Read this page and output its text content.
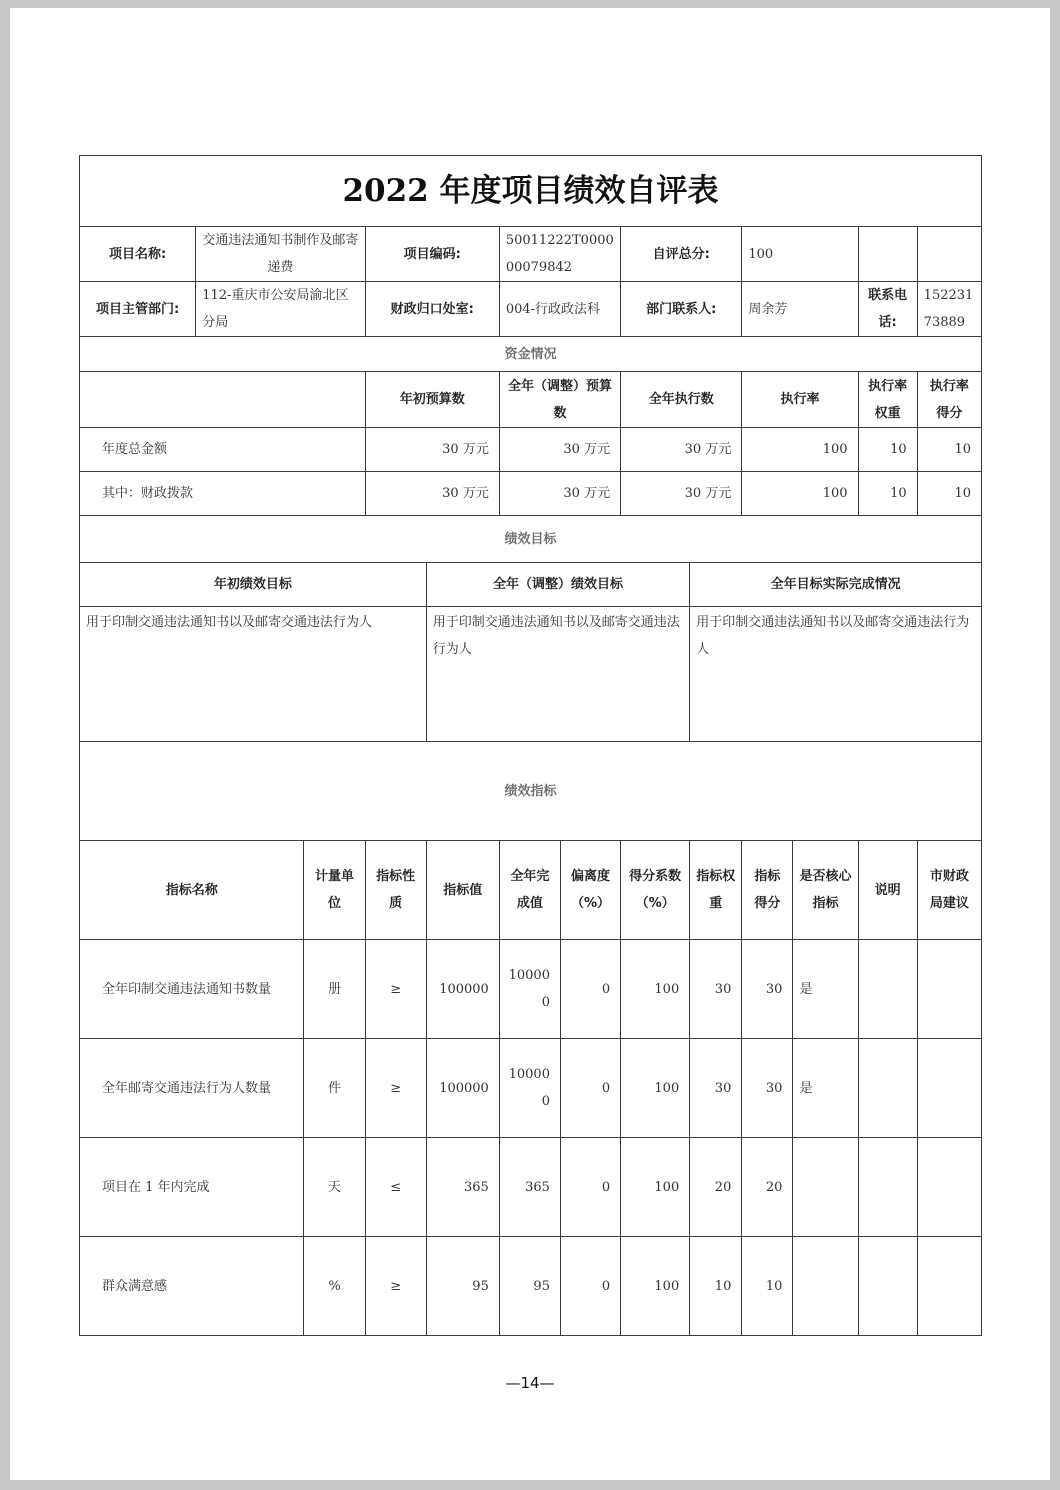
2022 年度项目绩效自评表												
项目名称:	交通违法通知书制作及邮寄递费		项目编码:		50011222T000000079842		自评总分:		100			
项目主管部门:	112-重庆市公安局渝北区分局		财政归口处室:		004-行政政法科		部门联系人:		周余芳		联系电话:	15223173889
资金情况												
			年初预算数		全年（调整）预算数		全年执行数		执行率		执行率权重	执行率得分
年度总金额			30 万元		30 万元		30 万元		100		10	10
其中：财政拨款			30 万元		30 万元		30 万元		100		10	10
绩效目标												
年初绩效目标				全年（调整）绩效目标				全年目标实际完成情况				
用于印制交通违法通知书以及邮寄交通违法行为人				用于印制交通违法通知书以及邮寄交通违法行为人				用于印制交通违法通知书以及邮寄交通违法行为人				
绩效指标												
指标名称		计量单位	指标性质	指标值	全年完成值	偏离度（%）	得分系数（%）	指标权重	指标得分	是否核心指标	说明	市财政局建议
全年印制交通违法通知书数量		册	≥	100000	100000	0	100	30	30	是		
全年邮寄交通违法行为人数量		件	≥	100000	100000	0	100	30	30	是		
项目在 1 年内完成		天	≤	365	365	0	100	20	20			
群众满意感		%	≥	95	95	0	100	10	10			
—14—
